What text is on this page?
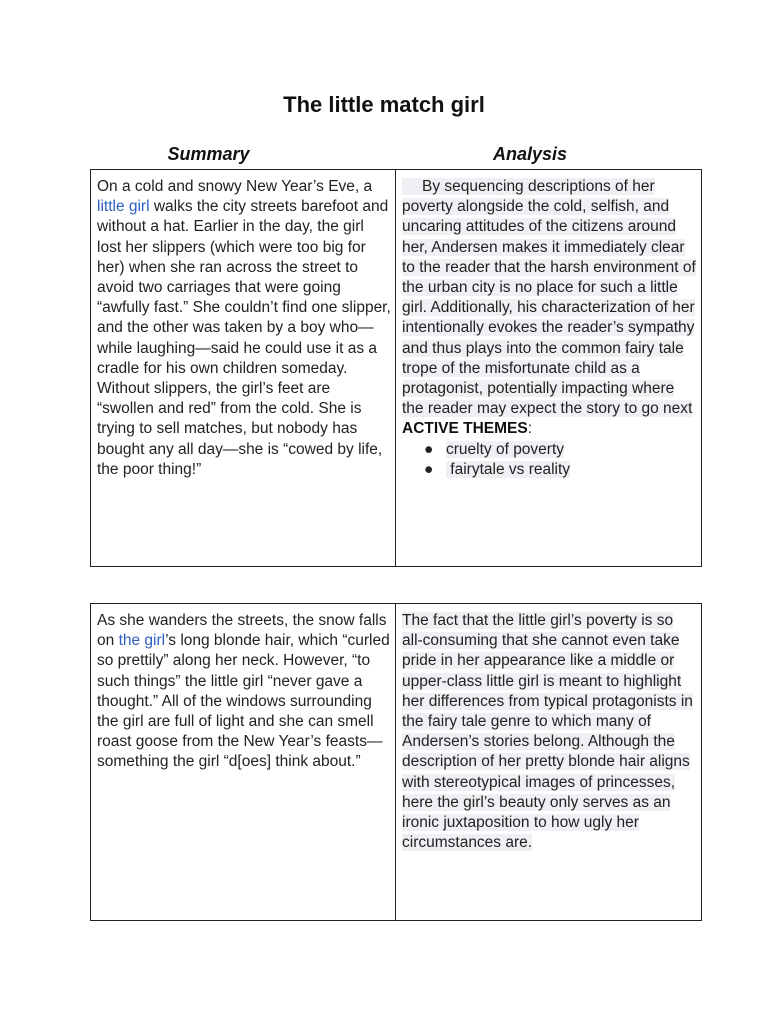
The little match girl
Summary	Analysis
On a cold and snowy New Year’s Eve, a little girl walks the city streets barefoot and without a hat. Earlier in the day, the girl lost her slippers (which were too big for her) when she ran across the street to avoid two carriages that were going “awfully fast.” She couldn’t find one slipper, and the other was taken by a boy who—while laughing—said he could use it as a cradle for his own children someday. Without slippers, the girl’s feet are “swollen and red” from the cold. She is trying to sell matches, but nobody has bought any all day—she is “cowed by life, the poor thing!”	By sequencing descriptions of her poverty alongside the cold, selfish, and uncaring attitudes of the citizens around her, Andersen makes it immediately clear to the reader that the harsh environment of the urban city is no place for such a little girl. Additionally, his characterization of her intentionally evokes the reader’s sympathy and thus plays into the common fairy tale trope of the misfortunate child as a protagonist, potentially impacting where the reader may expect the story to go next
ACTIVE THEMES:
● cruelty of poverty
● fairytale vs reality
As she wanders the streets, the snow falls on the girl’s long blonde hair, which “curled so prettily” along her neck. However, “to such things” the little girl “never gave a thought.” All of the windows surrounding the girl are full of light and she can smell roast goose from the New Year’s feasts—something the girl “d[oes] think about.”	The fact that the little girl’s poverty is so all-consuming that she cannot even take pride in her appearance like a middle or upper-class little girl is meant to highlight her differences from typical protagonists in the fairy tale genre to which many of Andersen’s stories belong. Although the description of her pretty blonde hair aligns with stereotypical images of princesses, here the girl’s beauty only serves as an ironic juxtaposition to how ugly her circumstances are.
